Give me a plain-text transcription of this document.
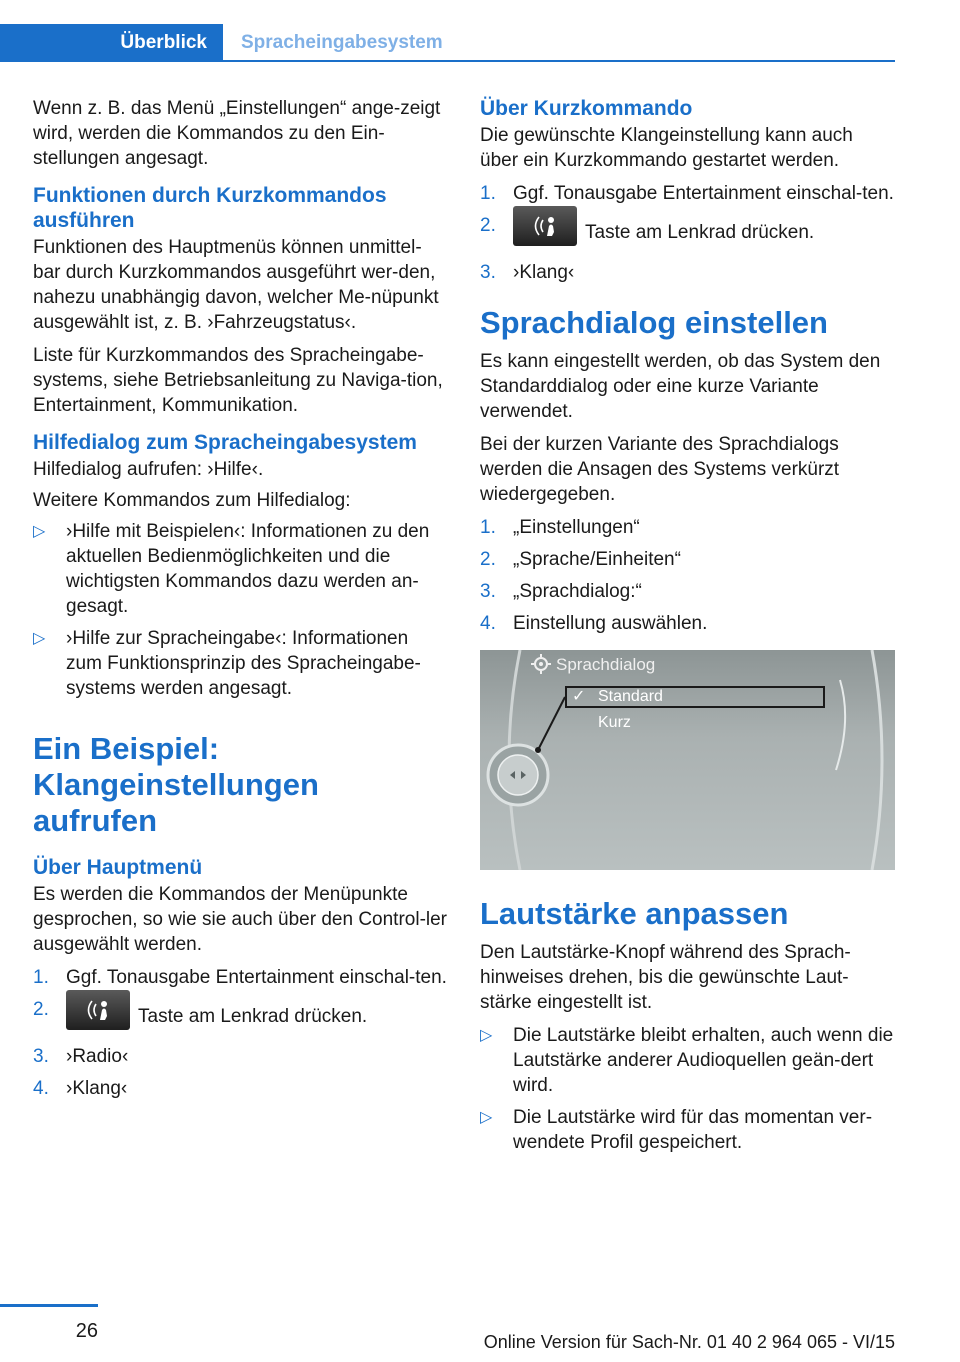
Überblick	Spracheingabesystem

Wenn z. B. das Menü „Einstellungen“ ange-zeigt wird, werden die Kommandos zu den Ein-stellungen angesagt.

Funktionen durch Kurzkommandos ausführen

Funktionen des Hauptmenüs können unmittel-bar durch Kurzkommandos ausgeführt wer-den, nahezu unabhängig davon, welcher Me-nüpunkt ausgewählt ist, z. B. ›Fahrzeugstatus‹.

Liste für Kurzkommandos des Spracheingabe-systems, siehe Betriebsanleitung zu Naviga-tion, Entertainment, Kommunikation.

Hilfedialog zum Spracheingabesystem

Hilfedialog aufrufen: ›Hilfe‹.

Weitere Kommandos zum Hilfedialog:

▷ ›Hilfe mit Beispielen‹: Informationen zu den aktuellen Bedienmöglichkeiten und die wichtigsten Kommandos dazu werden an-gesagt.
▷ ›Hilfe zur Spracheingabe‹: Informationen zum Funktionsprinzip des Spracheingabe-systems werden angesagt.
Ein Beispiel: Klangeinstellungen aufrufen
Über Hauptmenü

Es werden die Kommandos der Menüpunkte gesprochen, so wie sie auch über den Control-ler ausgewählt werden.

1. Ggf. Tonausgabe Entertainment einschal-ten.
2.	Taste am Lenkrad drücken.
3. ›Radio‹
4. ›Klang‹
Über Kurzkommando

Die gewünschte Klangeinstellung kann auch über ein Kurzkommando gestartet werden.

1. Ggf. Tonausgabe Entertainment einschal-ten.
2.	Taste am Lenkrad drücken.
3. ›Klang‹
Sprachdialog einstellen

Es kann eingestellt werden, ob das System den Standarddialog oder eine kurze Variante verwendet.

Bei der kurzen Variante des Sprachdialogs werden die Ansagen des Systems verkürzt wiedergegeben.

1. „Einstellungen“
2. „Sprache/Einheiten“
3. „Sprachdialog:“
4. Einstellung auswählen.
Sprachdialog
✓ Standard
Kurz
Lautstärke anpassen

Den Lautstärke-Knopf während des Sprach-hinweises drehen, bis die gewünschte Laut-stärke eingestellt ist.

▷ Die Lautstärke bleibt erhalten, auch wenn die Lautstärke anderer Audioquellen geän-dert wird.
▷ Die Lautstärke wird für das momentan ver-wendete Profil gespeichert.
26	Online Version für Sach-Nr. 01 40 2 964 065 - VI/15
